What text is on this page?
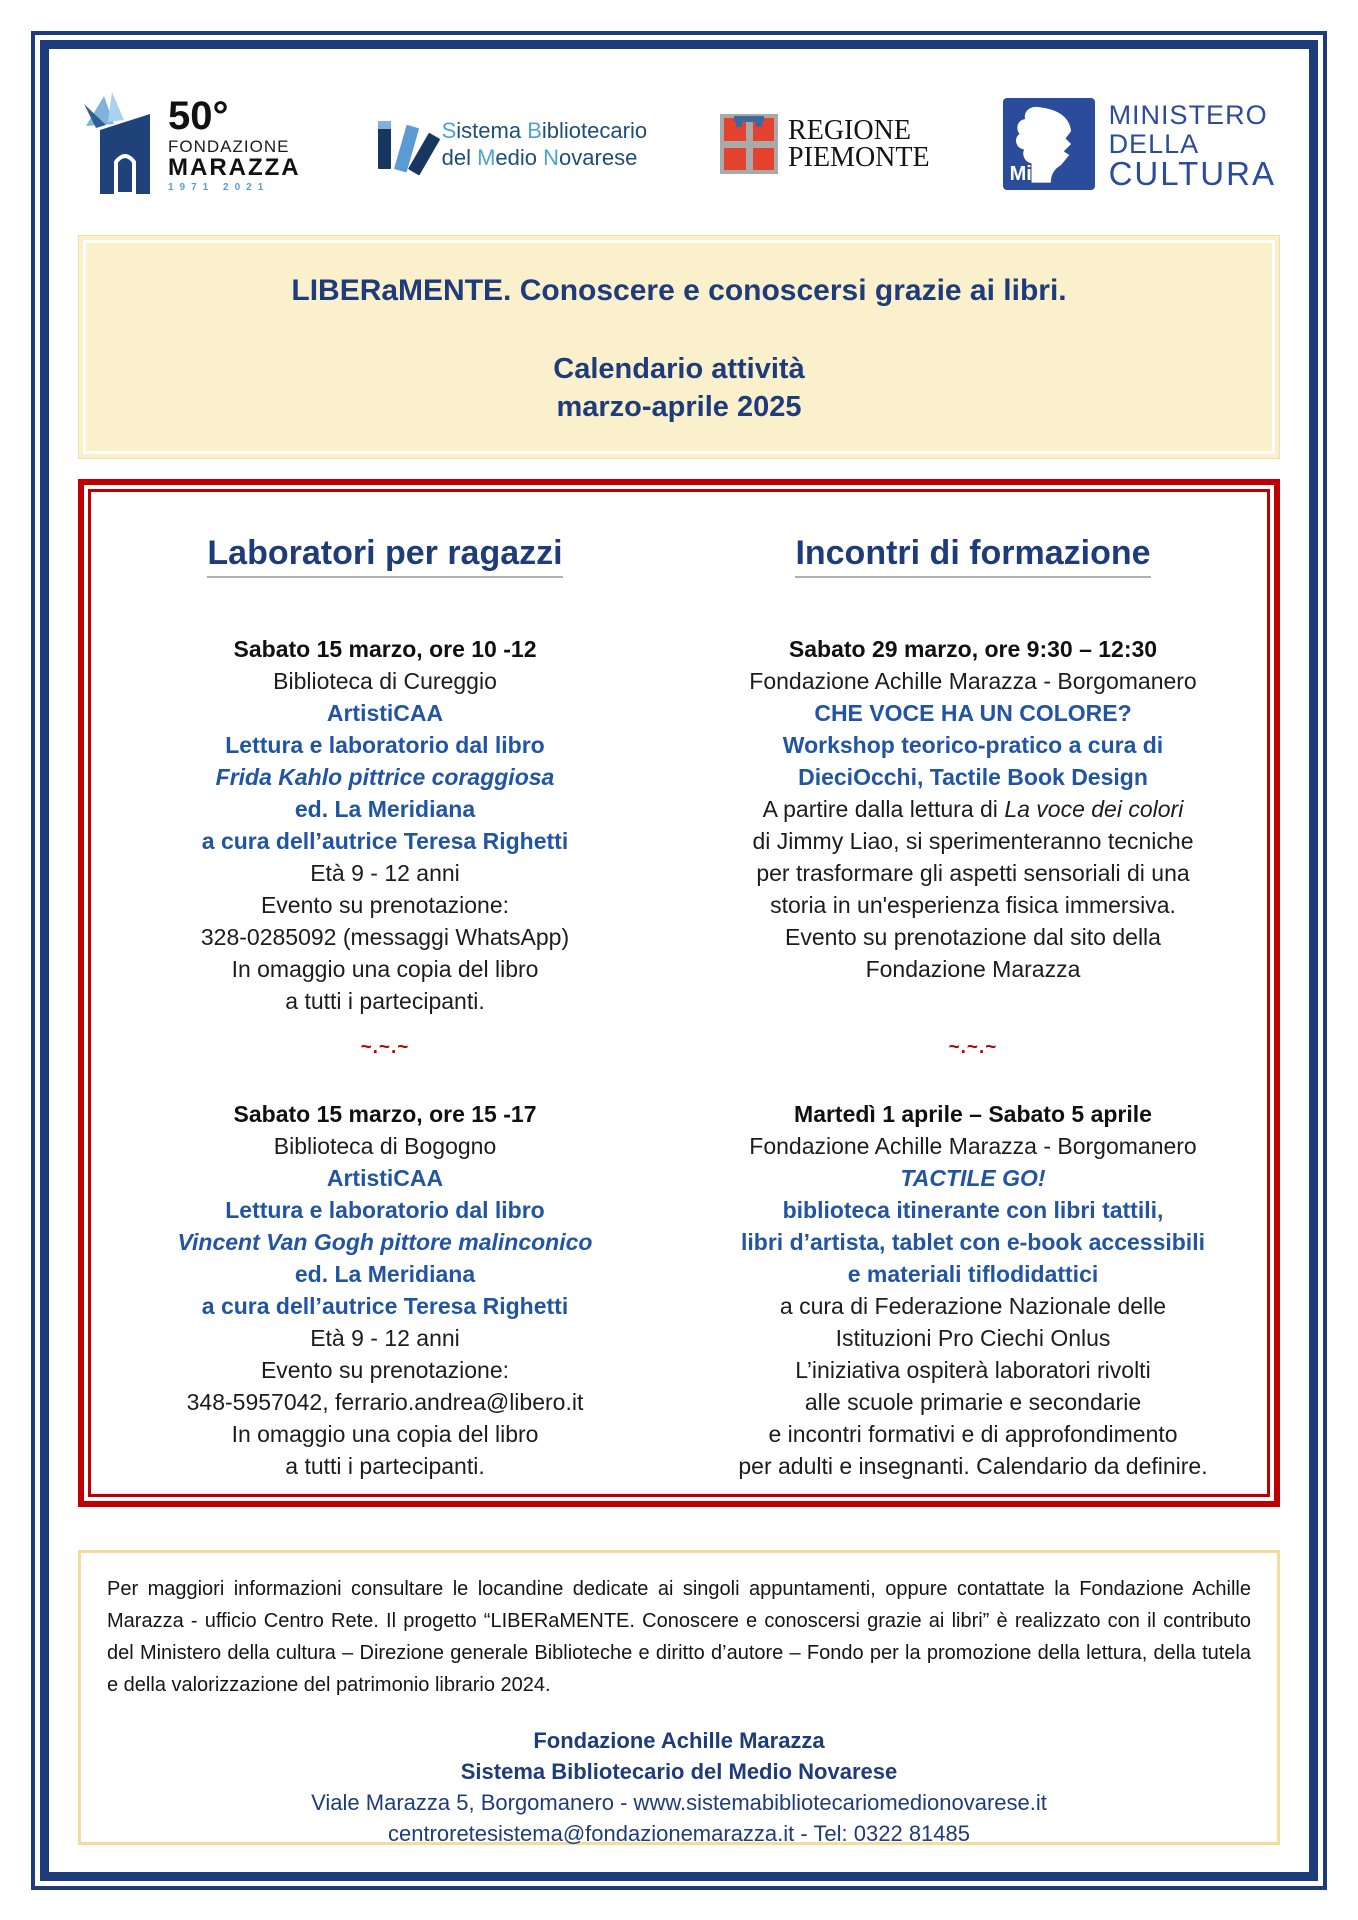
50°
FONDAZIONE
MARAZZA
1971 2021
Sistema Bibliotecario
del Medio Novarese
REGIONE
PIEMONTE
MiC
MINISTERO
DELLA
CULTURA
LIBERaMENTE. Conoscere e conoscersi grazie ai libri.
Calendario attività
marzo-aprile 2025
Laboratori per ragazzi
Sabato 15 marzo, ore 10 -12
Biblioteca di Cureggio
ArtistiCAA
Lettura e laboratorio dal libro
Frida Kahlo pittrice coraggiosa
ed. La Meridiana
a cura dell’autrice Teresa Righetti
Età 9 - 12 anni
Evento su prenotazione:
328-0285092 (messaggi WhatsApp)
In omaggio una copia del libro
a tutti i partecipanti.
~.~.~
Sabato 15 marzo, ore 15 -17
Biblioteca di Bogogno
ArtistiCAA
Lettura e laboratorio dal libro
Vincent Van Gogh pittore malinconico
ed. La Meridiana
a cura dell’autrice Teresa Righetti
Età 9 - 12 anni
Evento su prenotazione:
348-5957042, ferrario.andrea@libero.it
In omaggio una copia del libro
a tutti i partecipanti.
Incontri di formazione
Sabato 29 marzo, ore 9:30 – 12:30
Fondazione Achille Marazza - Borgomanero
CHE VOCE HA UN COLORE?
Workshop teorico-pratico a cura di
DieciOcchi, Tactile Book Design
A partire dalla lettura di La voce dei colori
di Jimmy Liao, si sperimenteranno tecniche
per trasformare gli aspetti sensoriali di una
storia in un'esperienza fisica immersiva.
Evento su prenotazione dal sito della
Fondazione Marazza
~.~.~
Martedì 1 aprile – Sabato 5 aprile
Fondazione Achille Marazza - Borgomanero
TACTILE GO!
biblioteca itinerante con libri tattili,
libri d’artista, tablet con e-book accessibili
e materiali tiflodidattici
a cura di Federazione Nazionale delle
Istituzioni Pro Ciechi Onlus
L’iniziativa ospiterà laboratori rivolti
alle scuole primarie e secondarie
e incontri formativi e di approfondimento
per adulti e insegnanti. Calendario da definire.
Per maggiori informazioni consultare le locandine dedicate ai singoli appuntamenti, oppure contattate la Fondazione Achille Marazza - ufficio Centro Rete. Il progetto “LIBERaMENTE. Conoscere e conoscersi grazie ai libri” è realizzato con il contributo del Ministero della cultura – Direzione generale Biblioteche e diritto d’autore – Fondo per la promozione della lettura, della tutela e della valorizzazione del patrimonio librario 2024.
Fondazione Achille Marazza
Sistema Bibliotecario del Medio Novarese
Viale Marazza 5, Borgomanero - www.sistemabibliotecariomedionovarese.it
centroretesistema@fondazionemarazza.it - Tel: 0322 81485
